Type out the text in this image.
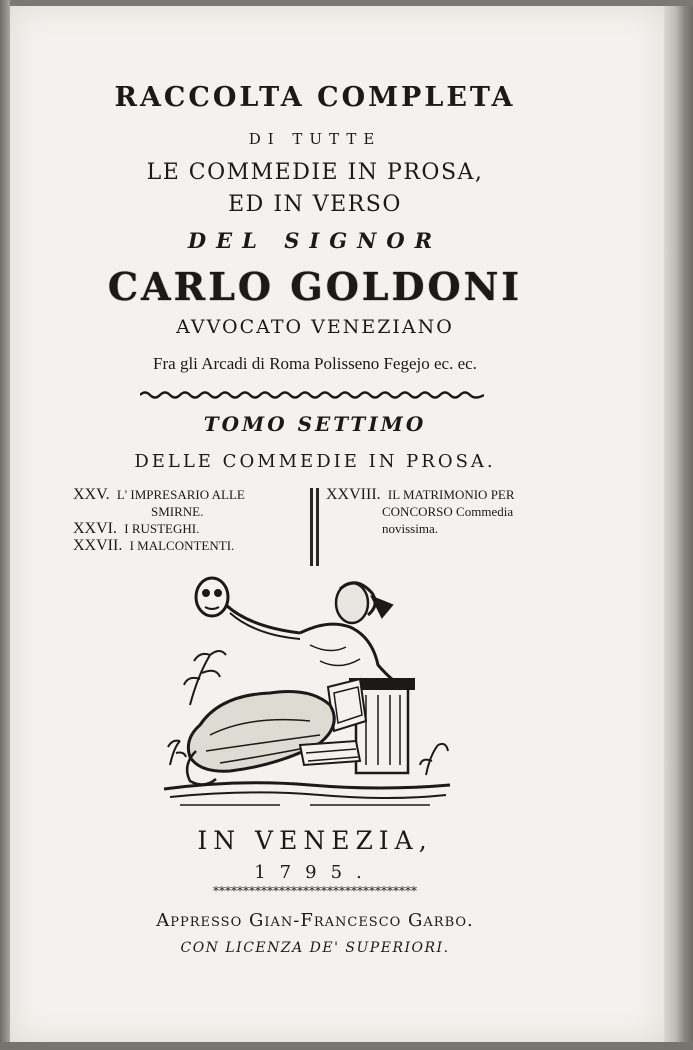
RACCOLTA COMPLETA
DI TUTTE
LE COMMEDIE IN PROSA,
ED IN VERSO
DEL SIGNOR
CARLO GOLDONI
AVVOCATO VENEZIANO
Fra gli Arcadi di Roma Polisseno Fegejo ec. ec.
TOMO SETTIMO
DELLE COMMEDIE IN PROSA.
XXV. L' IMPRESARIO ALLE
SMIRNE.
XXVI. I RUSTEGHI.
XXVII. I MALCONTENTI.
XXVIII. IL MATRIMONIO PER
CONCORSO Commedia
novissima.
IN VENEZIA,
1795.
**********************************
Appresso Gian-Francesco Garbo.
CON LICENZA DE' SUPERIORI.
